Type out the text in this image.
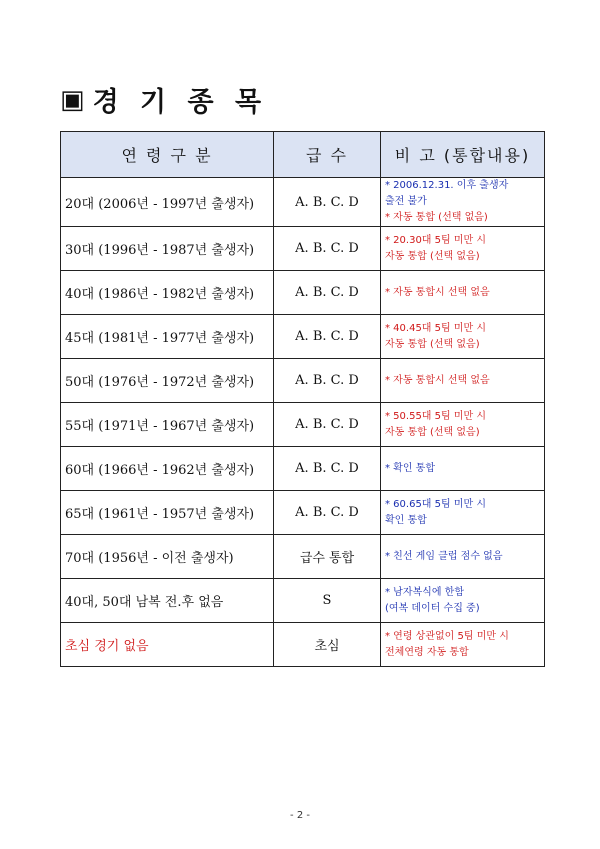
▣ 경 기 종 목
연 령 구 분	급 수	비 고 (통합내용)
20대 (2006년 - 1997년 출생자)	A. B. C. D	* 2006.12.31. 이후 출생자
출전 불가
* 자동 통합 (선택 없음)

30대 (1996년 - 1987년 출생자)	A. B. C. D	* 20.30대 5팀 미만 시
자동 통합 (선택 없음)

40대 (1986년 - 1982년 출생자)	A. B. C. D	* 자동 통합시 선택 없음

45대 (1981년 - 1977년 출생자)	A. B. C. D	* 40.45대 5팀 미만 시
자동 통합 (선택 없음)

50대 (1976년 - 1972년 출생자)	A. B. C. D	* 자동 통합시 선택 없음

55대 (1971년 - 1967년 출생자)	A. B. C. D	* 50.55대 5팀 미만 시
자동 통합 (선택 없음)

60대 (1966년 - 1962년 출생자)	A. B. C. D	* 확인 통합

65대 (1961년 - 1957년 출생자)	A. B. C. D	* 60.65대 5팀 미만 시
확인 통합

70대 (1956년 - 이전 출생자)	급수 통합	* 친선 게임 클럽 점수 없음

40대, 50대 남복 전.후 없음	S	* 남자복식에 한함
(여복 데이터 수집 중)

초심 경기 없음	초심	* 연령 상관없이 5팀 미만 시
전체연령 자동 통합
- 2 -
